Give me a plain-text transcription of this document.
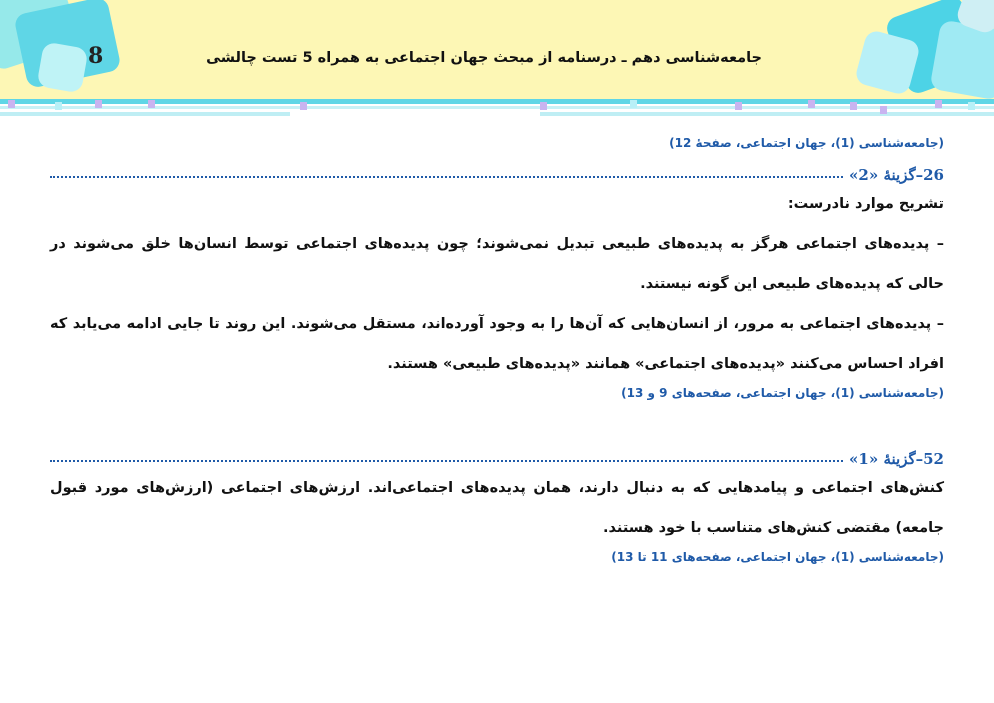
8	جامعه‌شناسی دهم ـ درسنامه از مبحث جهان اجتماعی به همراه 5 تست چالشی
(جامعه‌شناسی (1)، جهان اجتماعی، صفحهٔ 12)
26–گزینهٔ «2»

تشریح موارد نادرست:

– پدیده‌های اجتماعی هرگز به پدیده‌های طبیعی تبدیل نمی‌شوند؛ چون پدیده‌های اجتماعی توسط انسان‌ها خلق می‌شوند در حالی که پدیده‌های طبیعی این گونه نیستند.

– پدیده‌های اجتماعی به مرور، از انسان‌هایی که آن‌ها را به وجود آورده‌اند، مستقل می‌شوند. این روند تا جایی ادامه می‌یابد که افراد احساس می‌کنند «پدیده‌های اجتماعی» همانند «پدیده‌های طبیعی» هستند.

(جامعه‌شناسی (1)، جهان اجتماعی، صفحه‌های 9 و 13)
52–گزینهٔ «1»

کنش‌های اجتماعی و پیامدهایی که به دنبال دارند، همان پدیده‌های اجتماعی‌اند. ارزش‌های اجتماعی (ارزش‌های مورد قبول جامعه) مقتضی کنش‌های متناسب با خود هستند.

(جامعه‌شناسی (1)، جهان اجتماعی، صفحه‌های 11 تا 13)
